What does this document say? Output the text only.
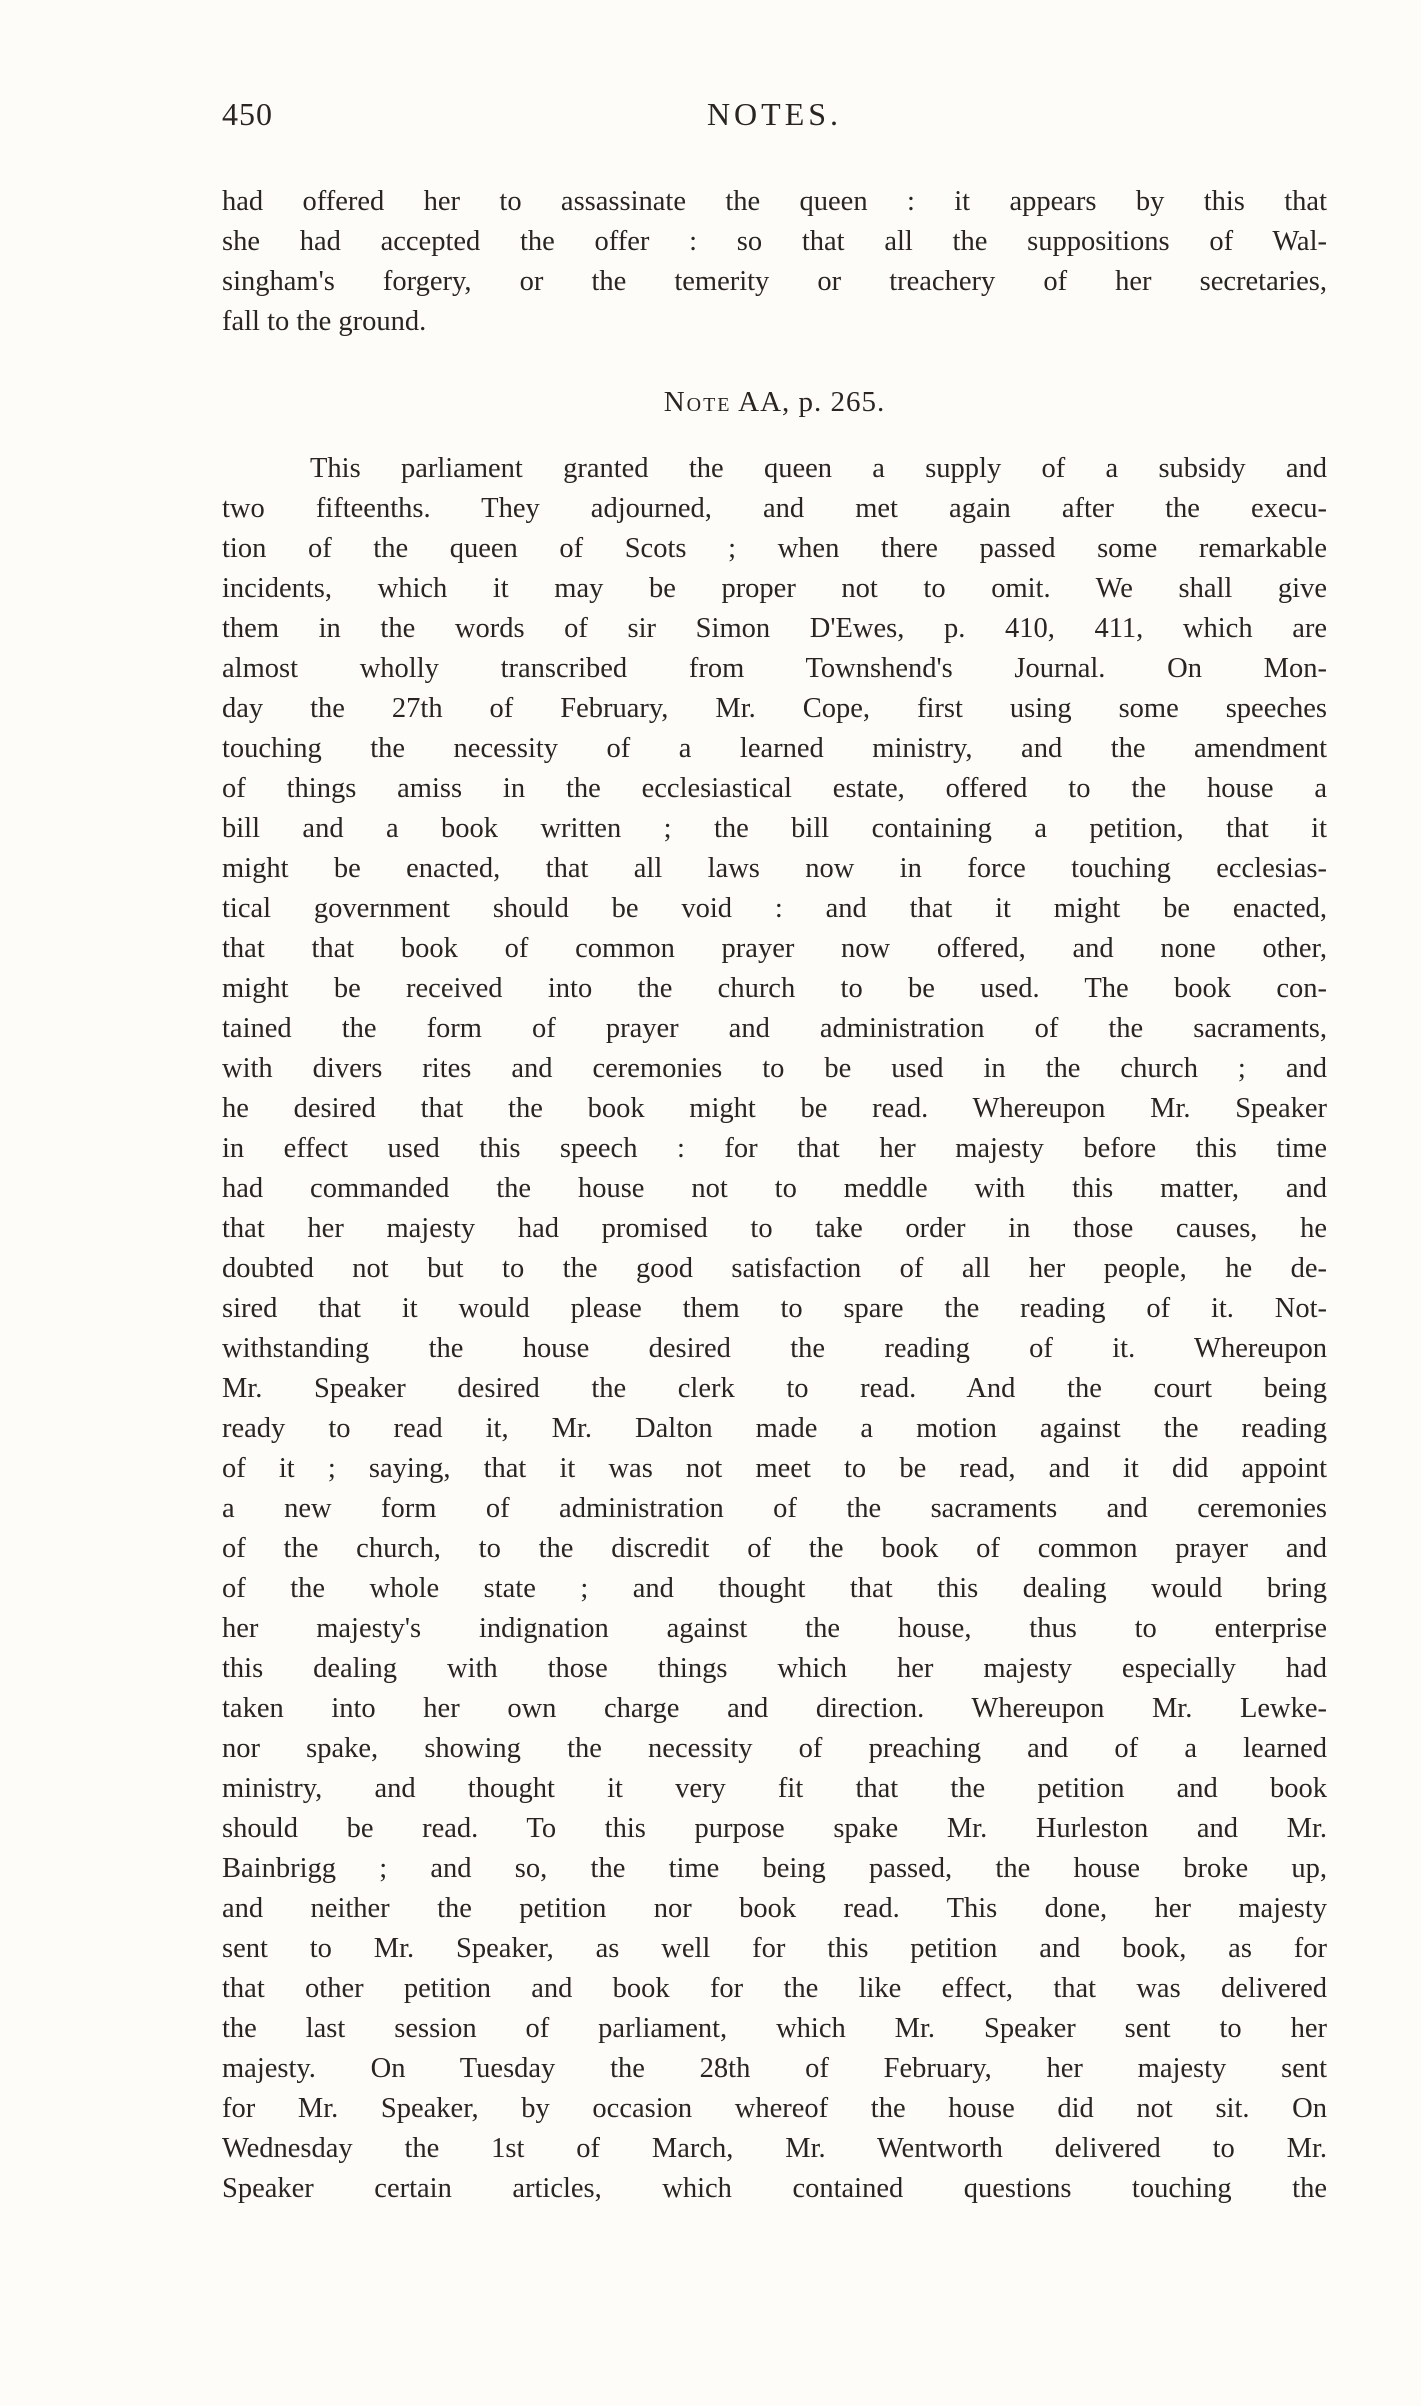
450	NOTES.
had offered her to assassinate the queen : it appears by this that
she had accepted the offer : so that all the suppositions of Wal-
singham's forgery, or the temerity or treachery of her secretaries,
fall to the ground.
Note AA, p. 265.
This parliament granted the queen a supply of a subsidy and
two fifteenths. They adjourned, and met again after the execu-
tion of the queen of Scots ; when there passed some remarkable
incidents, which it may be proper not to omit. We shall give
them in the words of sir Simon D'Ewes, p. 410, 411, which are
almost wholly transcribed from Townshend's Journal. On Mon-
day the 27th of February, Mr. Cope, first using some speeches
touching the necessity of a learned ministry, and the amendment
of things amiss in the ecclesiastical estate, offered to the house a
bill and a book written ; the bill containing a petition, that it
might be enacted, that all laws now in force touching ecclesias-
tical government should be void : and that it might be enacted,
that that book of common prayer now offered, and none other,
might be received into the church to be used. The book con-
tained the form of prayer and administration of the sacraments,
with divers rites and ceremonies to be used in the church ; and
he desired that the book might be read. Whereupon Mr. Speaker
in effect used this speech : for that her majesty before this time
had commanded the house not to meddle with this matter, and
that her majesty had promised to take order in those causes, he
doubted not but to the good satisfaction of all her people, he de-
sired that it would please them to spare the reading of it. Not-
withstanding the house desired the reading of it. Whereupon
Mr. Speaker desired the clerk to read. And the court being
ready to read it, Mr. Dalton made a motion against the reading
of it ; saying, that it was not meet to be read, and it did appoint
a new form of administration of the sacraments and ceremonies
of the church, to the discredit of the book of common prayer and
of the whole state ; and thought that this dealing would bring
her majesty's indignation against the house, thus to enterprise
this dealing with those things which her majesty especially had
taken into her own charge and direction. Whereupon Mr. Lewke-
nor spake, showing the necessity of preaching and of a learned
ministry, and thought it very fit that the petition and book
should be read. To this purpose spake Mr. Hurleston and Mr.
Bainbrigg ; and so, the time being passed, the house broke up,
and neither the petition nor book read. This done, her majesty
sent to Mr. Speaker, as well for this petition and book, as for
that other petition and book for the like effect, that was delivered
the last session of parliament, which Mr. Speaker sent to her
majesty. On Tuesday the 28th of February, her majesty sent
for Mr. Speaker, by occasion whereof the house did not sit. On
Wednesday the 1st of March, Mr. Wentworth delivered to Mr.
Speaker certain articles, which contained questions touching the
